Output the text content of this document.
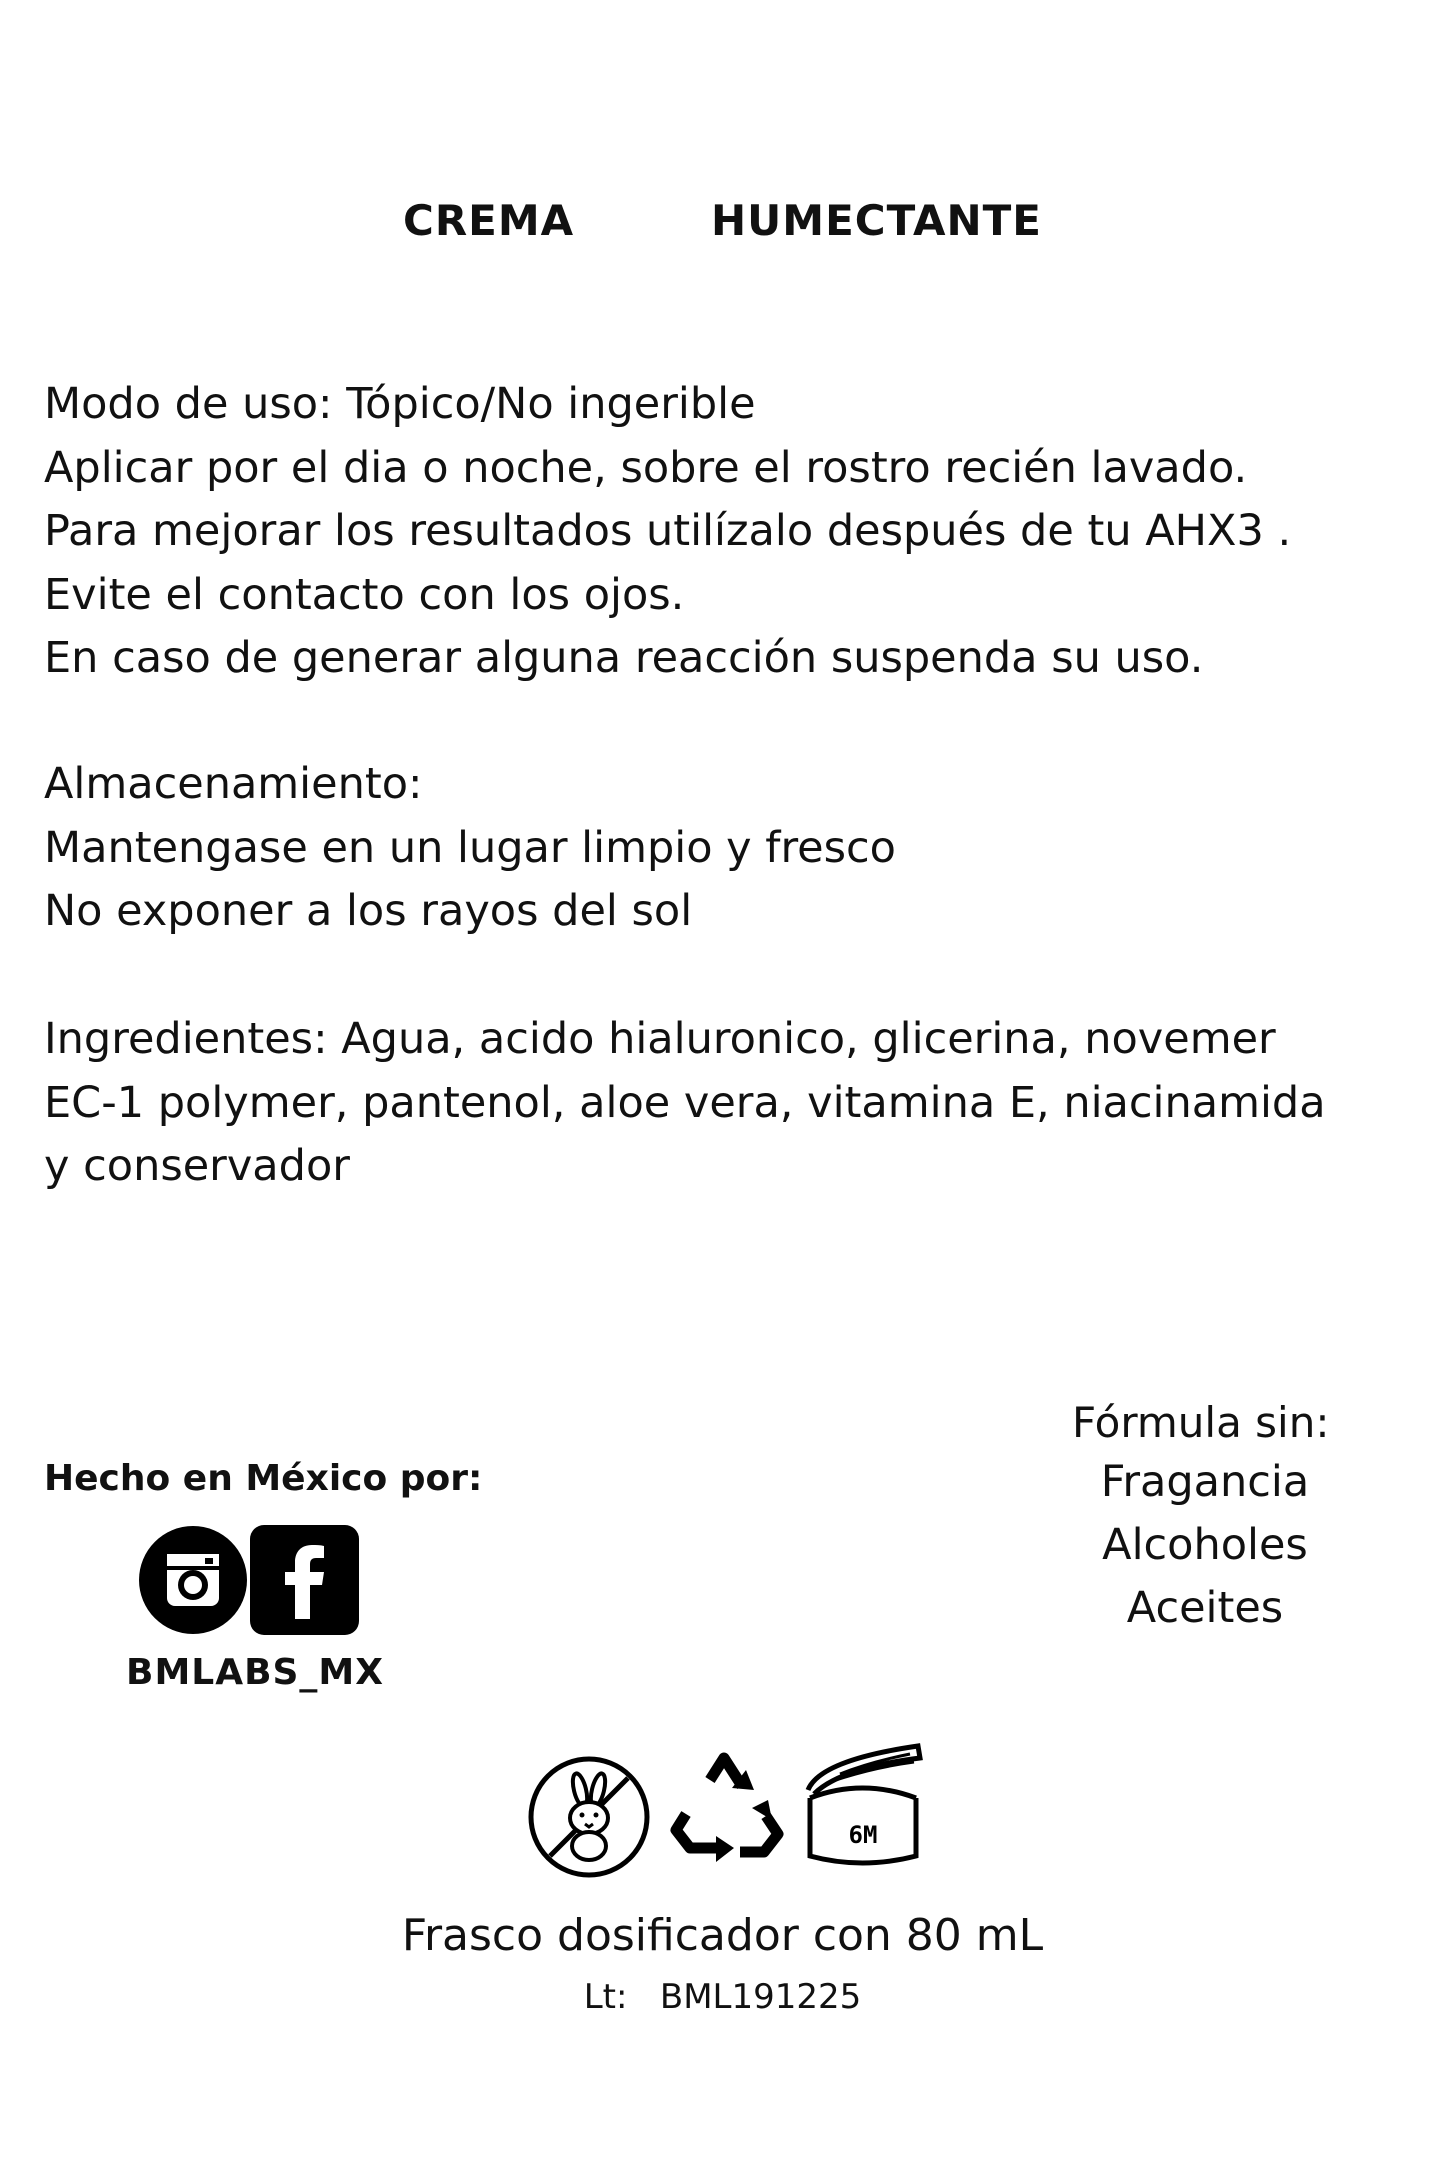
CREMA   HUMECTANTE
Modo de uso: Tópico/No ingerible
Aplicar por el dia o noche, sobre el rostro recién lavado.
Para mejorar los resultados utilízalo después de tu AHX3 .
Evite el contacto con los ojos.
En caso de generar alguna reacción suspenda su uso.
Almacenamiento:
Mantengase en un lugar limpio y fresco
No exponer a los rayos del sol
Ingredientes: Agua, acido hialuronico, glicerina, novemer
EC-1 polymer, pantenol, aloe vera, vitamina E, niacinamida
y conservador
Hecho en México por:
BMLABS_MX
Fórmula sin:
Fragancia
Alcoholes
Aceites
6M
Frasco dosificador con 80 mL
Lt:   BML191225
